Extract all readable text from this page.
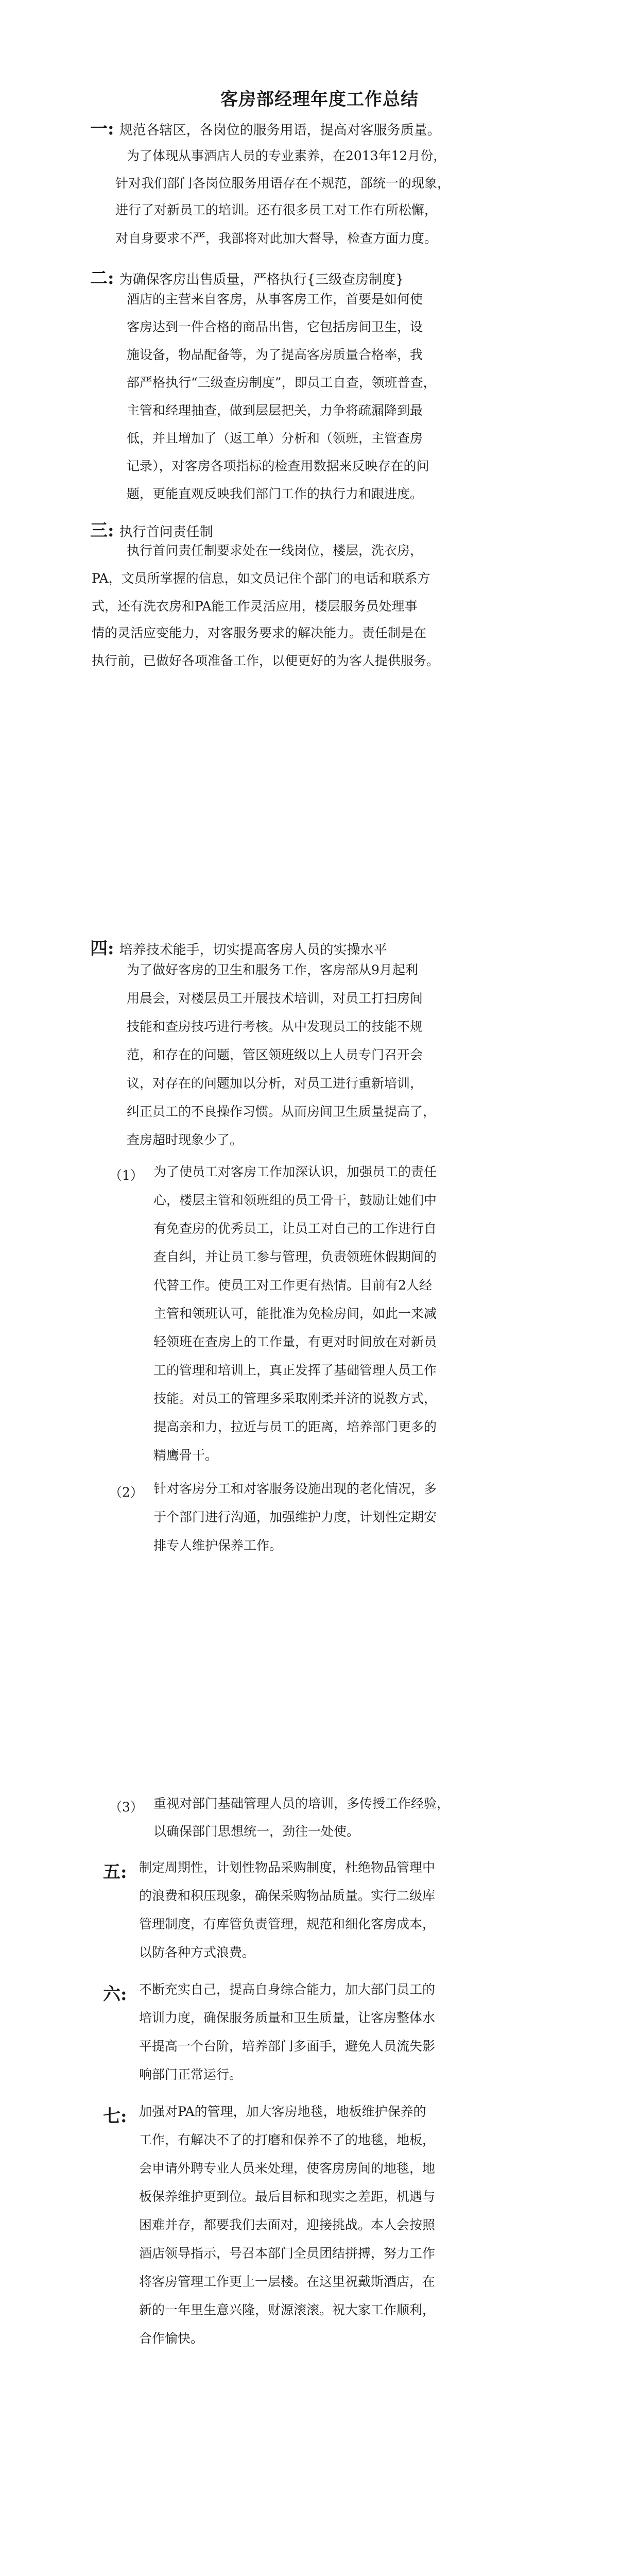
客房部经理年度工作总结
一: 规范各辖区，各岗位的服务用语，提高对客服务质量。
为了体现从事酒店人员的专业素养，在2013年12月份，
针对我们部门各岗位服务用语存在不规范，部统一的现象，
进行了对新员工的培训。还有很多员工对工作有所松懈，
对自身要求不严，我部将对此加大督导，检查方面力度。
二: 为确保客房出售质量，严格执行{三级查房制度}
酒店的主营来自客房，从事客房工作，首要是如何使
客房达到一件合格的商品出售，它包括房间卫生，设
施设备，物品配备等，为了提高客房质量合格率，我
部严格执行“三级查房制度”，即员工自查，领班普查，
主管和经理抽查，做到层层把关，力争将疏漏降到最
低，并且增加了（返工单）分析和（领班，主管查房
记录），对客房各项指标的检查用数据来反映存在的问
题，更能直观反映我们部门工作的执行力和跟进度。
三: 执行首问责任制
执行首问责任制要求处在一线岗位，楼层，洗衣房，
PA，文员所掌握的信息，如文员记住个部门的电话和联系方
式，还有洗衣房和PA能工作灵活应用，楼层服务员处理事
情的灵活应变能力，对客服务要求的解决能力。责任制是在
执行前，已做好各项准备工作，以便更好的为客人提供服务。
四: 培养技术能手，切实提高客房人员的实操水平
为了做好客房的卫生和服务工作，客房部从9月起利
用晨会，对楼层员工开展技术培训，对员工打扫房间
技能和查房技巧进行考核。从中发现员工的技能不规
范，和存在的问题，管区领班级以上人员专门召开会
议，对存在的问题加以分析，对员工进行重新培训，
纠正员工的不良操作习惯。从而房间卫生质量提高了，
查房超时现象少了。
（1） 为了使员工对客房工作加深认识，加强员工的责任
心，楼层主管和领班组的员工骨干，鼓励让她们中
有免查房的优秀员工，让员工对自己的工作进行自
查自纠，并让员工参与管理，负责领班休假期间的
代替工作。使员工对工作更有热情。目前有2人经
主管和领班认可，能批准为免检房间，如此一来减
轻领班在查房上的工作量，有更对时间放在对新员
工的管理和培训上，真正发挥了基础管理人员工作
技能。对员工的管理多采取刚柔并济的说教方式，
提高亲和力，拉近与员工的距离，培养部门更多的
精鹰骨干。
（2） 针对客房分工和对客服务设施出现的老化情况，多
于个部门进行沟通，加强维护力度，计划性定期安
排专人维护保养工作。
（3） 重视对部门基础管理人员的培训，多传授工作经验，
以确保部门思想统一，劲往一处使。
五: 制定周期性，计划性物品采购制度，杜绝物品管理中
的浪费和积压现象，确保采购物品质量。实行二级库
管理制度，有库管负责管理，规范和细化客房成本，
以防各种方式浪费。
六: 不断充实自己，提高自身综合能力，加大部门员工的
培训力度，确保服务质量和卫生质量，让客房整体水
平提高一个台阶，培养部门多面手，避免人员流失影
响部门正常运行。
七: 加强对PA的管理，加大客房地毯，地板维护保养的
工作，有解决不了的打磨和保养不了的地毯，地板，
会申请外聘专业人员来处理，使客房房间的地毯，地
板保养维护更到位。最后目标和现实之差距，机遇与
困难并存，都要我们去面对，迎接挑战。本人会按照
酒店领导指示，号召本部门全员团结拼搏，努力工作
将客房管理工作更上一层楼。在这里祝戴斯酒店，在
新的一年里生意兴隆，财源滚滚。祝大家工作顺利，
合作愉快。
